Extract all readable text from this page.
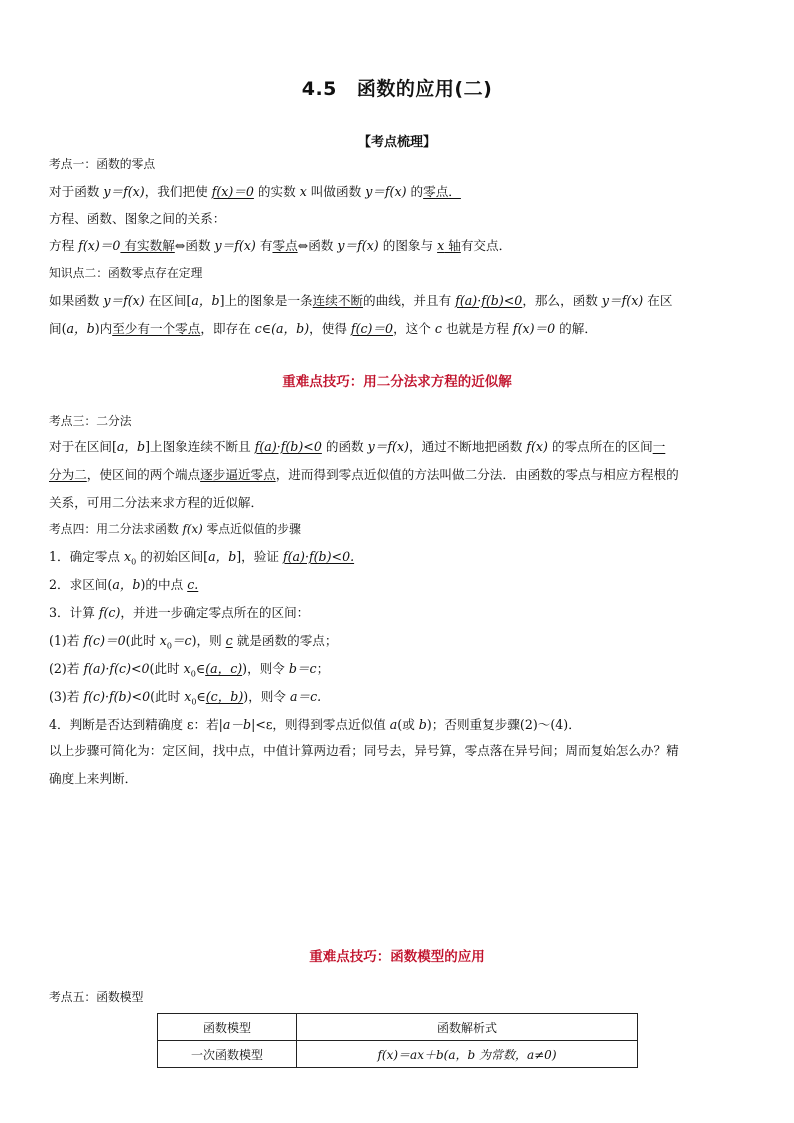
4.5 函数的应用(二)
【考点梳理】
考点一：函数的零点
对于函数 y＝f(x)，我们把使 f(x)＝0 的实数 x 叫做函数 y＝f(x) 的零点．
方程、函数、图象之间的关系：
方程 f(x)＝0 有实数解⇔函数 y＝f(x) 有零点⇔函数 y＝f(x) 的图象与 x 轴有交点．
知识点二：函数零点存在定理
如果函数 y＝f(x) 在区间[a，b]上的图象是一条连续不断的曲线，并且有 f(a)·f(b)<0，那么，函数 y＝f(x) 在区
间(a，b)内至少有一个零点，即存在 c∈(a，b)，使得 f(c)＝0，这个 c 也就是方程 f(x)＝0 的解．
重难点技巧：用二分法求方程的近似解
考点三：二分法
对于在区间[a，b]上图象连续不断且 f(a)·f(b)<0 的函数 y＝f(x)，通过不断地把函数 f(x) 的零点所在的区间一
分为二，使区间的两个端点逐步逼近零点，进而得到零点近似值的方法叫做二分法．由函数的零点与相应方程根的
关系，可用二分法来求方程的近似解．
考点四：用二分法求函数 f(x) 零点近似值的步骤
1．确定零点 $x_0$ 的初始区间[a，b]，验证 f(a)·f(b)<0.
2．求区间(a，b)的中点 c.
3．计算 f(c)，并进一步确定零点所在的区间：
(1)若 f(c)＝0(此时 $x_0=c$)，则 c 就是函数的零点；
(2)若 f(a)·f(c)<0(此时 $x_0\in(a$，c))，则令 b＝c；
(3)若 f(c)·f(b)<0(此时 $x_0\in(c$，b))，则令 a＝c.
4．判断是否达到精确度 ε：若|a－b|<ε，则得到零点近似值 a(或 b)；否则重复步骤(2)～(4)．
以上步骤可简化为：定区间，找中点，中值计算两边看；同号去，异号算，零点落在异号间；周而复始怎么办？精
确度上来判断．
重难点技巧：函数模型的应用
考点五：函数模型
函数模型	函数解析式
一次函数模型	f(x)＝ax＋b(a，b 为常数，a≠0)
